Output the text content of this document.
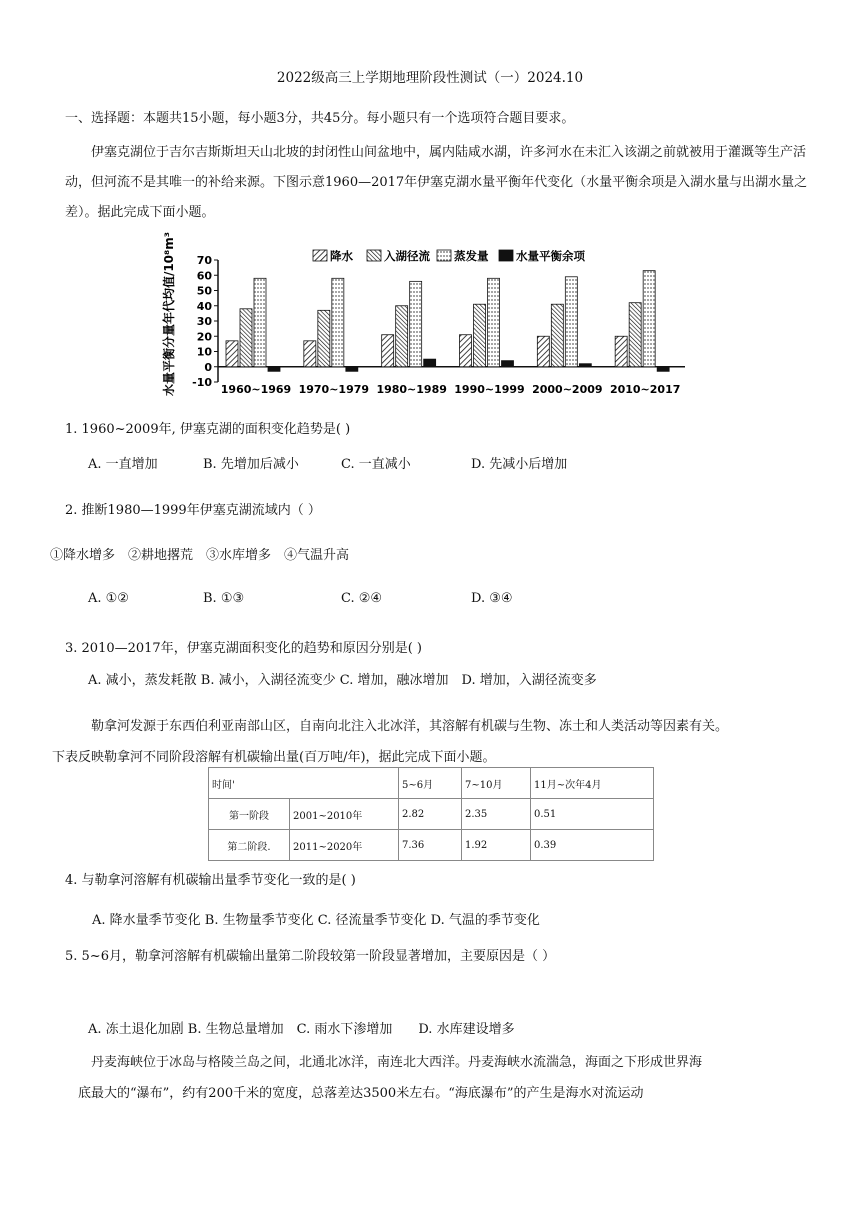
2022级高三上学期地理阶段性测试（一）2024.10
一、选择题：本题共15小题，每小题3分，共45分。每小题只有一个选项符合题目要求。
伊塞克湖位于吉尔吉斯斯坦天山北坡的封闭性山间盆地中，属内陆咸水湖，许多河水在未汇入该湖之前就被用于灌溉等生产活动，但河流不是其唯一的补给来源。下图示意1960—2017年伊塞克湖水量平衡年代变化（水量平衡余项是入湖水量与出湖水量之差）。据此完成下面小题。
水量平衡分量年代均值/10⁸m³	降水	入湖径流 蒸发量 水量平衡余项
-10
0
10
20
30
40
50
60
70
1960~1969 1970~1979 1980~1989 1990~1999 2000~2009 2010~2017
1. 1960~2009年, 伊塞克湖的面积变化趋势是( )
A. 一直增加	B. 先增加后减小	C. 一直减小	D. 先减小后增加
2. 推断1980—1999年伊塞克湖流域内（ ）
①降水增多　②耕地撂荒　③水库增多　④气温升高
A. ①②	B. ①③	C. ②④	D. ③④
3. 2010—2017年，伊塞克湖面积变化的趋势和原因分别是( )
A. 减小，蒸发耗散 B. 减小，入湖径流变少 C. 增加，融冰增加　D. 增加，入湖径流变多
勒拿河发源于东西伯利亚南部山区，自南向北注入北冰洋，其溶解有机碳与生物、冻土和人类活动等因素有关。
下表反映勒拿河不同阶段溶解有机碳输出量(百万吨/年)，据此完成下面小题。
时间'		5~6月	7~10月	11月~次年4月
第一阶段	2001~2010年	2.82	2.35	0.51
第二阶段.	2011~2020年	7.36	1.92	0.39
4. 与勒拿河溶解有机碳输出量季节变化一致的是( )
A. 降水量季节变化 B. 生物量季节变化 C. 径流量季节变化 D. 气温的季节变化
5. 5~6月，勒拿河溶解有机碳输出量第二阶段较第一阶段显著增加，主要原因是（ ）
A. 冻土退化加剧 B. 生物总量增加　C. 雨水下渗增加　　D. 水库建设增多
丹麦海峡位于冰岛与格陵兰岛之间，北通北冰洋，南连北大西洋。丹麦海峡水流湍急，海面之下形成世界海
底最大的“瀑布”，约有200千米的宽度，总落差达3500米左右。“海底瀑布”的产生是海水对流运动
